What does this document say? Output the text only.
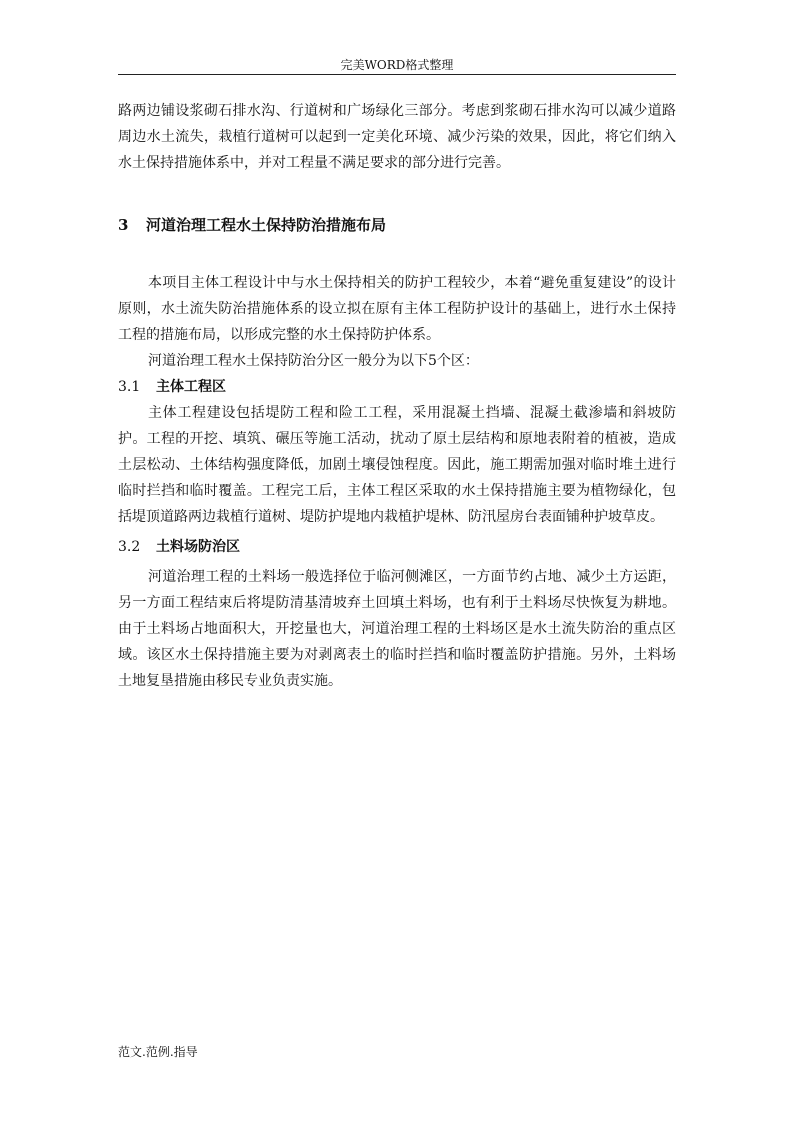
完美WORD格式整理

路两边铺设浆砌石排水沟、行道树和广场绿化三部分。考虑到浆砌石排水沟可以减少道路周边水土流失，栽植行道树可以起到一定美化环境、减少污染的效果，因此，将它们纳入水土保持措施体系中，并对工程量不满足要求的部分进行完善。

3 河道治理工程水土保持防治措施布局

本项目主体工程设计中与水土保持相关的防护工程较少，本着“避免重复建设”的设计原则，水土流失防治措施体系的设立拟在原有主体工程防护设计的基础上，进行水土保持工程的措施布局，以形成完整的水土保持防护体系。

河道治理工程水土保持防治分区一般分为以下5个区：

3.1 主体工程区

主体工程建设包括堤防工程和险工工程，采用混凝土挡墙、混凝土截渗墙和斜坡防护。工程的开挖、填筑、碾压等施工活动，扰动了原土层结构和原地表附着的植被，造成土层松动、土体结构强度降低，加剧土壤侵蚀程度。因此，施工期需加强对临时堆土进行临时拦挡和临时覆盖。工程完工后，主体工程区采取的水土保持措施主要为植物绿化，包括堤顶道路两边栽植行道树、堤防护堤地内栽植护堤林、防汛屋房台表面铺种护坡草皮。

3.2 土料场防治区

河道治理工程的土料场一般选择位于临河侧滩区，一方面节约占地、减少土方运距，另一方面工程结束后将堤防清基清坡弃土回填土料场，也有利于土料场尽快恢复为耕地。由于土料场占地面积大，开挖量也大，河道治理工程的土料场区是水土流失防治的重点区域。该区水土保持措施主要为对剥离表土的临时拦挡和临时覆盖防护措施。另外，土料场土地复垦措施由移民专业负责实施。

范文.范例.指导
